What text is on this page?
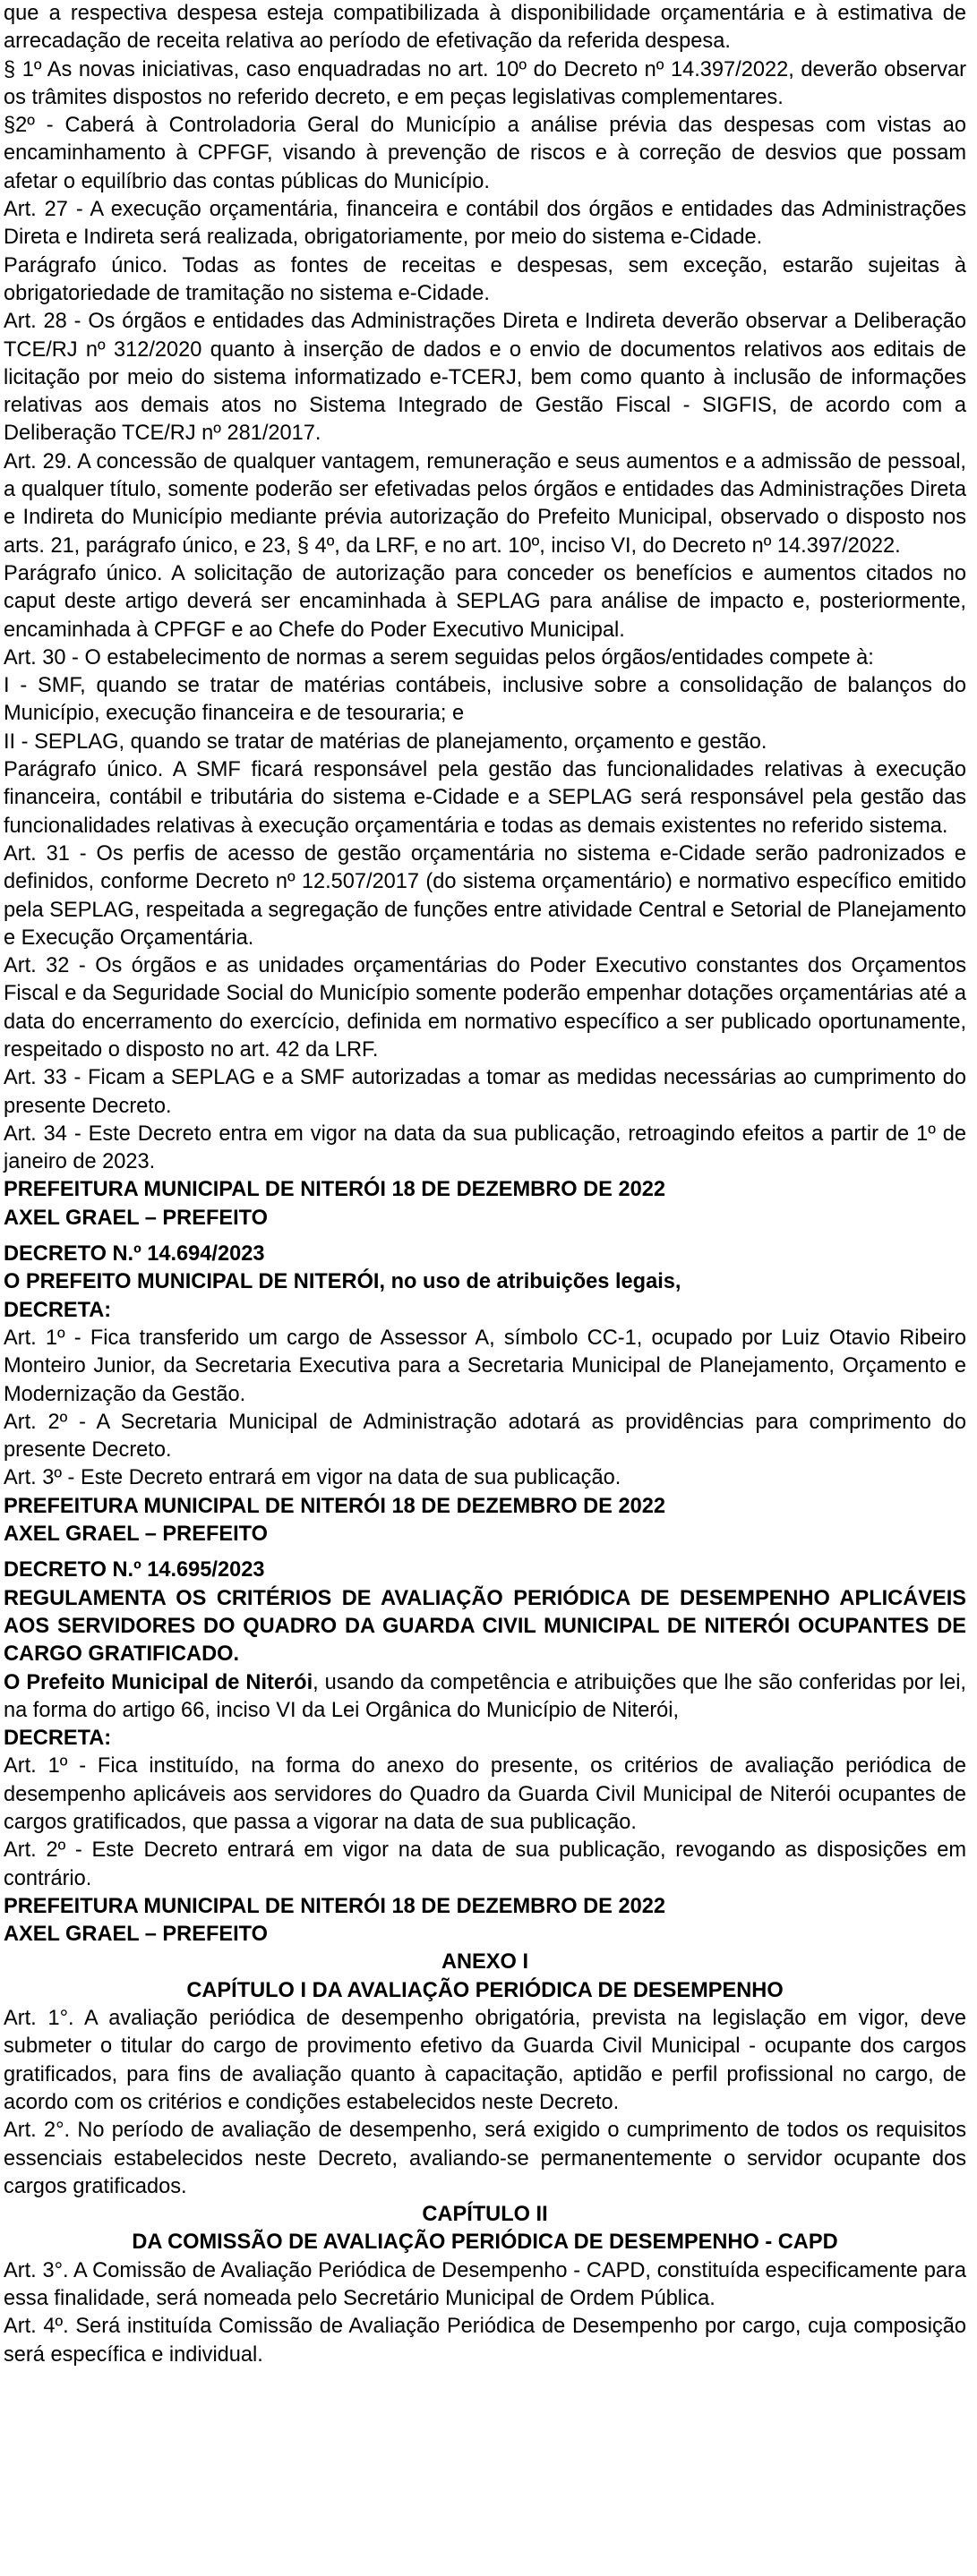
que a respectiva despesa esteja compatibilizada à disponibilidade orçamentária e à estimativa de arrecadação de receita relativa ao período de efetivação da referida despesa.

§ 1º As novas iniciativas, caso enquadradas no art. 10º do Decreto nº 14.397/2022, deverão observar os trâmites dispostos no referido decreto, e em peças legislativas complementares.

§2º - Caberá à Controladoria Geral do Município a análise prévia das despesas com vistas ao encaminhamento à CPFGF, visando à prevenção de riscos e à correção de desvios que possam afetar o equilíbrio das contas públicas do Município.

Art. 27 - A execução orçamentária, financeira e contábil dos órgãos e entidades das Administrações Direta e Indireta será realizada, obrigatoriamente, por meio do sistema e-Cidade.

Parágrafo único. Todas as fontes de receitas e despesas, sem exceção, estarão sujeitas à obrigatoriedade de tramitação no sistema e-Cidade.

Art. 28 - Os órgãos e entidades das Administrações Direta e Indireta deverão observar a Deliberação TCE/RJ nº 312/2020 quanto à inserção de dados e o envio de documentos relativos aos editais de licitação por meio do sistema informatizado e-TCERJ, bem como quanto à inclusão de informações relativas aos demais atos no Sistema Integrado de Gestão Fiscal - SIGFIS, de acordo com a Deliberação TCE/RJ nº 281/2017.

Art. 29. A concessão de qualquer vantagem, remuneração e seus aumentos e a admissão de pessoal, a qualquer título, somente poderão ser efetivadas pelos órgãos e entidades das Administrações Direta e Indireta do Município mediante prévia autorização do Prefeito Municipal, observado o disposto nos arts. 21, parágrafo único, e 23, § 4º, da LRF, e no art. 10º, inciso VI, do Decreto nº 14.397/2022.

Parágrafo único. A solicitação de autorização para conceder os benefícios e aumentos citados no caput deste artigo deverá ser encaminhada à SEPLAG para análise de impacto e, posteriormente, encaminhada à CPFGF e ao Chefe do Poder Executivo Municipal.

Art. 30 - O estabelecimento de normas a serem seguidas pelos órgãos/entidades compete à:

I - SMF, quando se tratar de matérias contábeis, inclusive sobre a consolidação de balanços do Município, execução financeira e de tesouraria; e

II - SEPLAG, quando se tratar de matérias de planejamento, orçamento e gestão.

Parágrafo único. A SMF ficará responsável pela gestão das funcionalidades relativas à execução financeira, contábil e tributária do sistema e-Cidade e a SEPLAG será responsável pela gestão das funcionalidades relativas à execução orçamentária e todas as demais existentes no referido sistema.

Art. 31 - Os perfis de acesso de gestão orçamentária no sistema e-Cidade serão padronizados e definidos, conforme Decreto nº 12.507/2017 (do sistema orçamentário) e normativo específico emitido pela SEPLAG, respeitada a segregação de funções entre atividade Central e Setorial de Planejamento e Execução Orçamentária.

Art. 32 - Os órgãos e as unidades orçamentárias do Poder Executivo constantes dos Orçamentos Fiscal e da Seguridade Social do Município somente poderão empenhar dotações orçamentárias até a data do encerramento do exercício, definida em normativo específico a ser publicado oportunamente, respeitado o disposto no art. 42 da LRF.

Art. 33 - Ficam a SEPLAG e a SMF autorizadas a tomar as medidas necessárias ao cumprimento do presente Decreto.

Art. 34 - Este Decreto entra em vigor na data da sua publicação, retroagindo efeitos a partir de 1º de janeiro de 2023.

PREFEITURA MUNICIPAL DE NITERÓI 18 DE DEZEMBRO DE 2022

AXEL GRAEL – PREFEITO

DECRETO N.º 14.694/2023

O PREFEITO MUNICIPAL DE NITERÓI, no uso de atribuições legais,

DECRETA:

Art. 1º - Fica transferido um cargo de Assessor A, símbolo CC-1, ocupado por Luiz Otavio Ribeiro Monteiro Junior, da Secretaria Executiva para a Secretaria Municipal de Planejamento, Orçamento e Modernização da Gestão.

Art. 2º - A Secretaria Municipal de Administração adotará as providências para comprimento do presente Decreto.

Art. 3º - Este Decreto entrará em vigor na data de sua publicação.

PREFEITURA MUNICIPAL DE NITERÓI 18 DE DEZEMBRO DE 2022

AXEL GRAEL – PREFEITO

DECRETO N.º 14.695/2023

REGULAMENTA OS CRITÉRIOS DE AVALIAÇÃO PERIÓDICA DE DESEMPENHO APLICÁVEIS AOS SERVIDORES DO QUADRO DA GUARDA CIVIL MUNICIPAL DE NITERÓI OCUPANTES DE CARGO GRATIFICADO.

O Prefeito Municipal de Niterói, usando da competência e atribuições que lhe são conferidas por lei, na forma do artigo 66, inciso VI da Lei Orgânica do Município de Niterói,

DECRETA:

Art. 1º - Fica instituído, na forma do anexo do presente, os critérios de avaliação periódica de desempenho aplicáveis aos servidores do Quadro da Guarda Civil Municipal de Niterói ocupantes de cargos gratificados, que passa a vigorar na data de sua publicação.

Art. 2º - Este Decreto entrará em vigor na data de sua publicação, revogando as disposições em contrário.

PREFEITURA MUNICIPAL DE NITERÓI 18 DE DEZEMBRO DE 2022

AXEL GRAEL – PREFEITO

ANEXO I

CAPÍTULO I DA AVALIAÇÃO PERIÓDICA DE DESEMPENHO

Art. 1°. A avaliação periódica de desempenho obrigatória, prevista na legislação em vigor, deve submeter o titular do cargo de provimento efetivo da Guarda Civil Municipal - ocupante dos cargos gratificados, para fins de avaliação quanto à capacitação, aptidão e perfil profissional no cargo, de acordo com os critérios e condições estabelecidos neste Decreto.

Art. 2°. No período de avaliação de desempenho, será exigido o cumprimento de todos os requisitos essenciais estabelecidos neste Decreto, avaliando-se permanentemente o servidor ocupante dos cargos gratificados.

CAPÍTULO II

DA COMISSÃO DE AVALIAÇÃO PERIÓDICA DE DESEMPENHO - CAPD

Art. 3°. A Comissão de Avaliação Periódica de Desempenho - CAPD, constituída especificamente para essa finalidade, será nomeada pelo Secretário Municipal de Ordem Pública.

Art. 4º. Será instituída Comissão de Avaliação Periódica de Desempenho por cargo, cuja composição será específica e individual.
